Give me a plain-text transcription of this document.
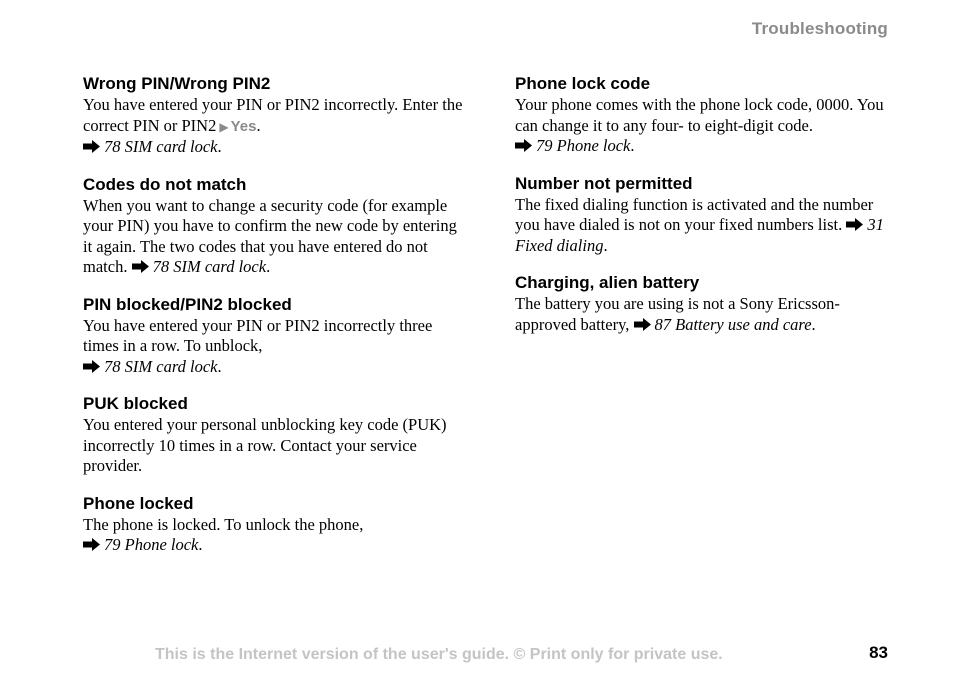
Troubleshooting
Wrong PIN/Wrong PIN2

You have entered your PIN or PIN2 incorrectly. Enter the correct PIN or PIN2 ▶ Yes.
78 SIM card lock.

Codes do not match

When you want to change a security code (for example your PIN) you have to confirm the new code by entering it again. The two codes that you have entered do not match. 78 SIM card lock.

PIN blocked/PIN2 blocked

You have entered your PIN or PIN2 incorrectly three times in a row. To unblock,
78 SIM card lock.

PUK blocked

You entered your personal unblocking key code (PUK) incorrectly 10 times in a row. Contact your service provider.

Phone locked

The phone is locked. To unlock the phone,
79 Phone lock.

Phone lock code

Your phone comes with the phone lock code, 0000. You can change it to any four- to eight-digit code.
79 Phone lock.

Number not permitted

The fixed dialing function is activated and the number you have dialed is not on your fixed numbers list. 31 Fixed dialing.

Charging, alien battery

The battery you are using is not a Sony Ericsson-approved battery, 87 Battery use and care.

This is the Internet version of the user's guide. © Print only for private use.	83
